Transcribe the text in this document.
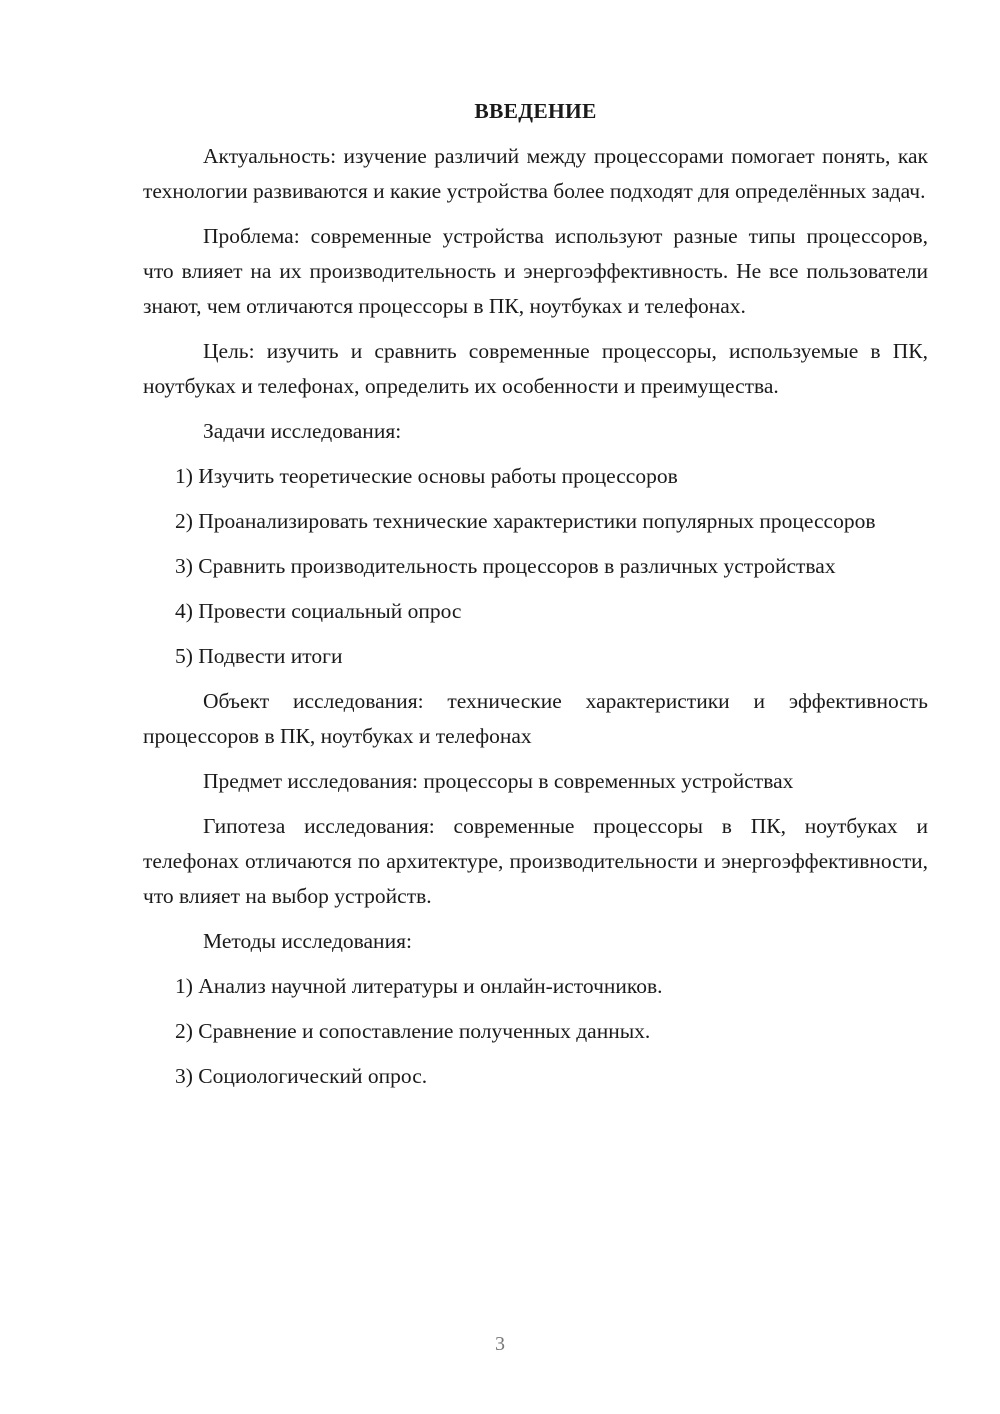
ВВЕДЕНИЕ

Актуальность: изучение различий между процессорами помогает понять, как технологии развиваются и какие устройства более подходят для определённых задач.

Проблема: современные устройства используют разные типы процессоров, что влияет на их производительность и энергоэффективность. Не все пользователи знают, чем отличаются процессоры в ПК, ноутбуках и телефонах.

Цель: изучить и сравнить современные процессоры, используемые в ПК, ноутбуках и телефонах, определить их особенности и преимущества.

Задачи исследования:

1) Изучить теоретические основы работы процессоров

2) Проанализировать технические характеристики популярных процессоров

3) Сравнить производительность процессоров в различных устройствах

4) Провести социальный опрос

5) Подвести итоги

Объект исследования: технические характеристики и эффективность процессоров в ПК, ноутбуках и телефонах

Предмет исследования: процессоры в современных устройствах

Гипотеза исследования: современные процессоры в ПК, ноутбуках и телефонах отличаются по архитектуре, производительности и энергоэффективности, что влияет на выбор устройств.

Методы исследования:

1) Анализ научной литературы и онлайн-источников.

2) Сравнение и сопоставление полученных данных.

3) Социологический опрос.

3
